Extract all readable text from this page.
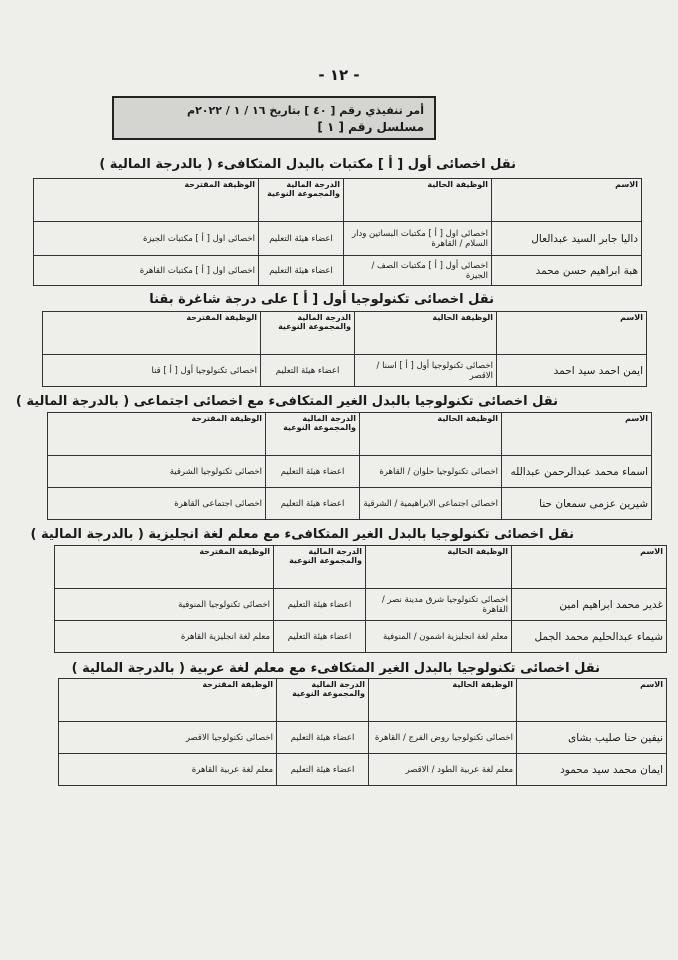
- ١٢ -
أمر تنفيذي رقم [ ٤٠ ] بتاريخ ١٦ / ١ / ٢٠٢٢م
مسلسل رقم [ ١ ]
نقل اخصائى أول [ أ ] مكتبات بالبدل المتكافىء ( بالدرجة المالية )
الاسم	الوظيفة الحالية	الدرجة المالية والمجموعة النوعية	الوظيفة المقترحة
داليا جابر السيد عبدالعال	اخصائى اول [ أ ] مكتبات البساتين ودار السلام / القاهرة	اعضاء هيئة التعليم	اخصائى اول [ أ ] مكتبات الجيزة
هبة ابراهيم حسن محمد	اخصائى أول [ أ ] مكتبات الصف / الجيزة	اعضاء هيئة التعليم	اخصائى اول [ أ ] مكتبات القاهرة
نقل اخصائى تكنولوجيا أول [ أ ] على درجة شاغرة بقنا
الاسم	الوظيفة الحالية	الدرجة المالية والمجموعة النوعية	الوظيفة المقترحة
ايمن احمد سيد احمد	اخصائى تكنولوجيا أول [ أ ] اسنا / الاقصر	اعضاء هيئة التعليم	اخصائى تكنولوجيا أول [ أ ] قنا
نقل اخصائى تكنولوجيا بالبدل الغير المتكافىء مع اخصائى اجتماعى ( بالدرجة المالية )
الاسم	الوظيفة الحالية	الدرجة المالية والمجموعة النوعية	الوظيفة المقترحة
اسماء محمد عبدالرحمن عبدالله	اخصائى تكنولوجيا حلوان / القاهرة	اعضاء هيئة التعليم	اخصائى تكنولوجيا الشرقية
شيرين عزمى سمعان حنا	اخصائى اجتماعى الابراهيمية / الشرقية	اعضاء هيئة التعليم	اخصائى اجتماعى القاهرة
نقل اخصائى تكنولوجيا بالبدل الغير المتكافىء مع معلم لغة انجليزية ( بالدرجة المالية )
الاسم	الوظيفة الحالية	الدرجة المالية والمجموعة النوعية	الوظيفة المقترحة
غدير محمد ابراهيم امين	اخصائى تكنولوجيا شرق مدينة نصر / القاهرة	اعضاء هيئة التعليم	اخصائى تكنولوجيا المنوفية
شيماء عبدالحليم محمد الجمل	معلم لغة انجليزية اشمون / المنوفية	اعضاء هيئة التعليم	معلم لغة انجليزية القاهرة
نقل اخصائى تكنولوجيا بالبدل الغير المتكافىء مع معلم لغة عربية ( بالدرجة المالية )
الاسم	الوظيفة الحالية	الدرجة المالية والمجموعة النوعية	الوظيفة المقترحة
نيفين حنا صليب بشاى	اخصائى تكنولوجيا روض الفرج / القاهرة	اعضاء هيئة التعليم	اخصائى تكنولوجيا الاقصر
ايمان محمد سيد محمود	معلم لغة عربية الطود / الاقصر	اعضاء هيئة التعليم	معلم لغة عربية القاهرة
